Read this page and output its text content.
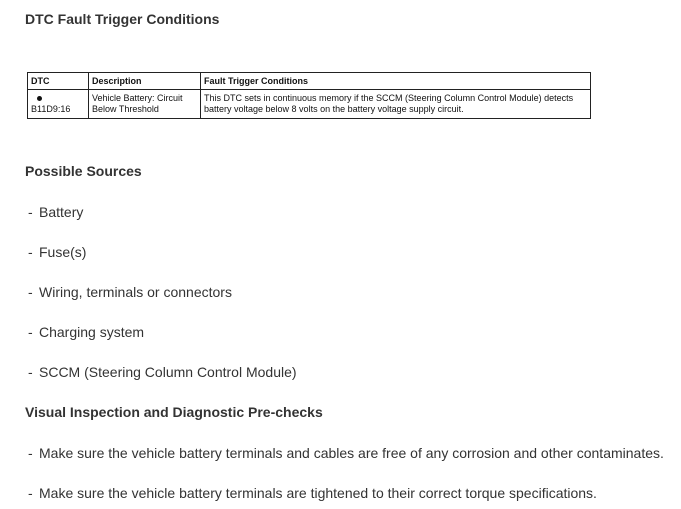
DTC Fault Trigger Conditions
DTC	Description	Fault Trigger Conditions
B11D9:16	Vehicle Battery: Circuit Below Threshold	This DTC sets in continuous memory if the SCCM (Steering Column Control Module) detects battery voltage below 8 volts on the battery voltage supply circuit.
Possible Sources
- Battery
- Fuse(s)
- Wiring, terminals or connectors
- Charging system
- SCCM (Steering Column Control Module)
Visual Inspection and Diagnostic Pre-checks
- Make sure the vehicle battery terminals and cables are free of any corrosion and other contaminates.
- Make sure the vehicle battery terminals are tightened to their correct torque specifications.
